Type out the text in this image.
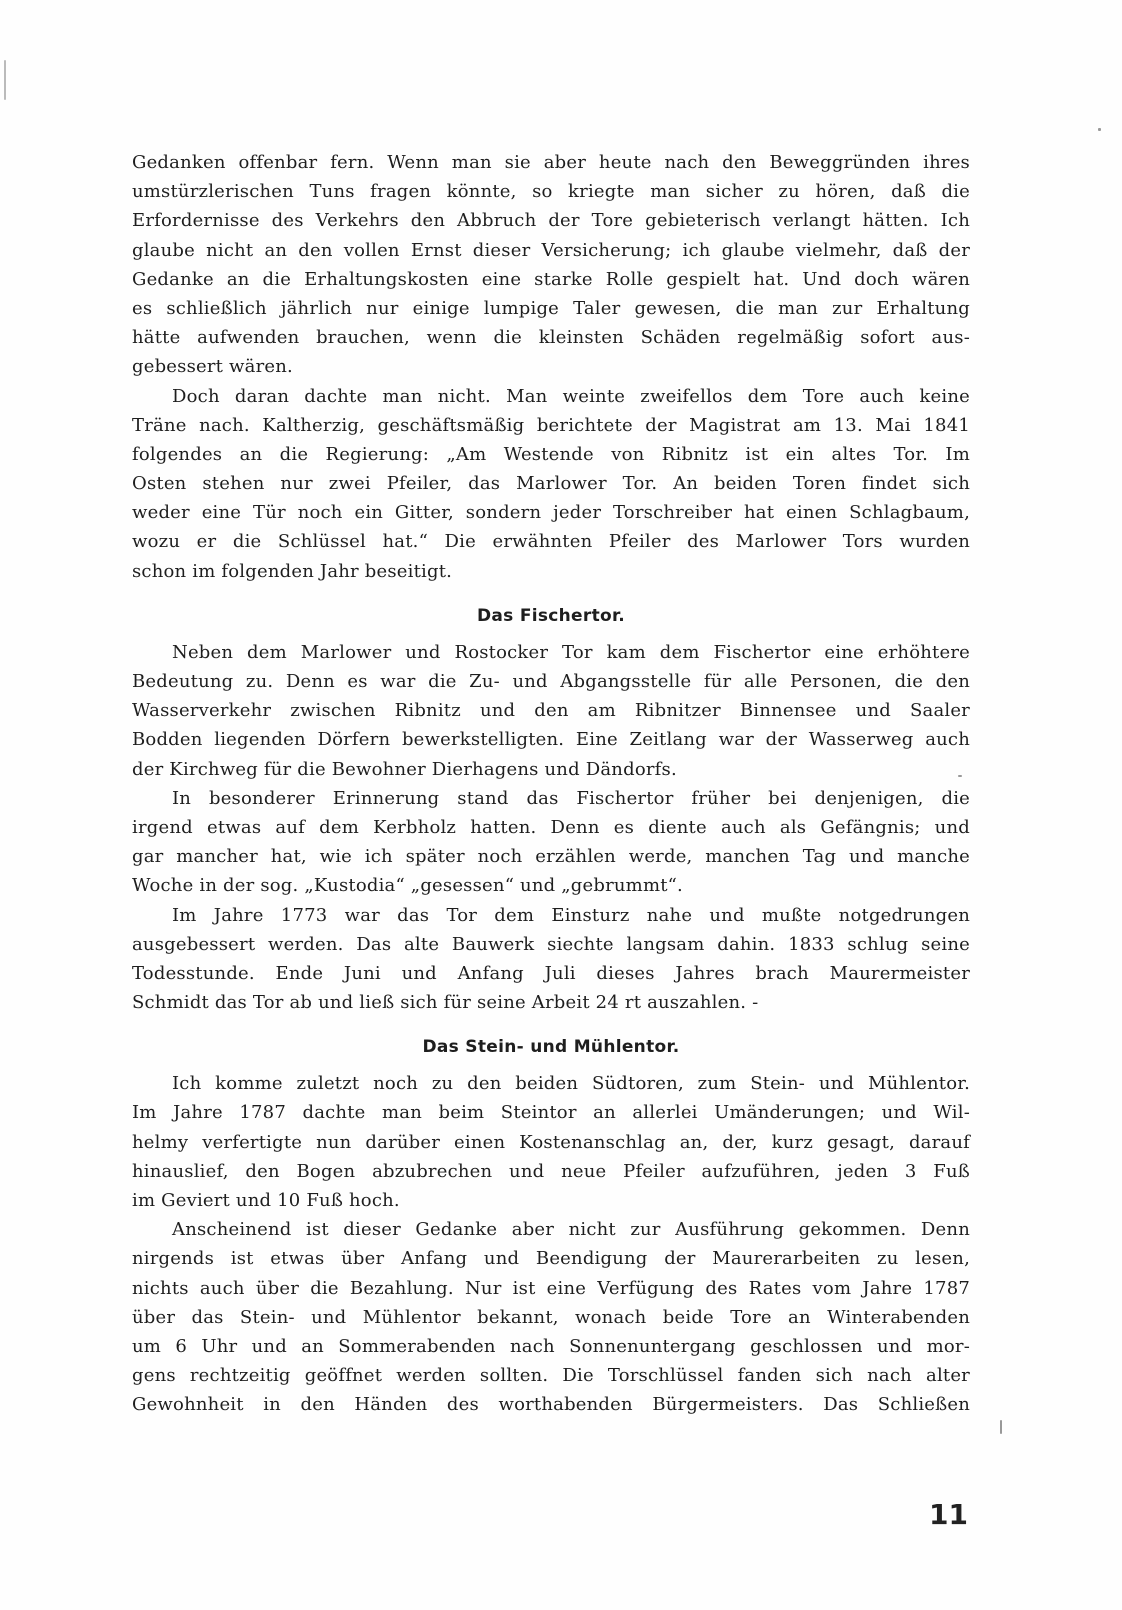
Gedanken offenbar fern. Wenn man sie aber heute nach den Beweggründen ihres
umstürzlerischen Tuns fragen könnte, so kriegte man sicher zu hören, daß die
Erfordernisse des Verkehrs den Abbruch der Tore gebieterisch verlangt hätten. Ich
glaube nicht an den vollen Ernst dieser Versicherung; ich glaube vielmehr, daß der
Gedanke an die Erhaltungskosten eine starke Rolle gespielt hat. Und doch wären
es schließlich jährlich nur einige lumpige Taler gewesen, die man zur Erhaltung
hätte aufwenden brauchen, wenn die kleinsten Schäden regelmäßig sofort aus-
gebessert wären.
Doch daran dachte man nicht. Man weinte zweifellos dem Tore auch keine
Träne nach. Kaltherzig, geschäftsmäßig berichtete der Magistrat am 13. Mai 1841
folgendes an die Regierung: „Am Westende von Ribnitz ist ein altes Tor. Im
Osten stehen nur zwei Pfeiler, das Marlower Tor. An beiden Toren findet sich
weder eine Tür noch ein Gitter, sondern jeder Torschreiber hat einen Schlagbaum,
wozu er die Schlüssel hat.“ Die erwähnten Pfeiler des Marlower Tors wurden
schon im folgenden Jahr beseitigt.
Das Fischertor.
Neben dem Marlower und Rostocker Tor kam dem Fischertor eine erhöhtere
Bedeutung zu. Denn es war die Zu- und Abgangsstelle für alle Personen, die den
Wasserverkehr zwischen Ribnitz und den am Ribnitzer Binnensee und Saaler
Bodden liegenden Dörfern bewerkstelligten. Eine Zeitlang war der Wasserweg auch
der Kirchweg für die Bewohner Dierhagens und Dändorfs.
In besonderer Erinnerung stand das Fischertor früher bei denjenigen, die
irgend etwas auf dem Kerbholz hatten. Denn es diente auch als Gefängnis; und
gar mancher hat, wie ich später noch erzählen werde, manchen Tag und manche
Woche in der sog. „Kustodia“ „gesessen“ und „gebrummt“.
Im Jahre 1773 war das Tor dem Einsturz nahe und mußte notgedrungen
ausgebessert werden. Das alte Bauwerk siechte langsam dahin. 1833 schlug seine
Todesstunde. Ende Juni und Anfang Juli dieses Jahres brach Maurermeister
Schmidt das Tor ab und ließ sich für seine Arbeit 24 rt auszahlen. -
Das Stein- und Mühlentor.
Ich komme zuletzt noch zu den beiden Südtoren, zum Stein- und Mühlentor.
Im Jahre 1787 dachte man beim Steintor an allerlei Umänderungen; und Wil-
helmy verfertigte nun darüber einen Kostenanschlag an, der, kurz gesagt, darauf
hinauslief, den Bogen abzubrechen und neue Pfeiler aufzuführen, jeden 3 Fuß
im Geviert und 10 Fuß hoch.
Anscheinend ist dieser Gedanke aber nicht zur Ausführung gekommen. Denn
nirgends ist etwas über Anfang und Beendigung der Maurerarbeiten zu lesen,
nichts auch über die Bezahlung. Nur ist eine Verfügung des Rates vom Jahre 1787
über das Stein- und Mühlentor bekannt, wonach beide Tore an Winterabenden
um 6 Uhr und an Sommerabenden nach Sonnenuntergang geschlossen und mor-
gens rechtzeitig geöffnet werden sollten. Die Torschlüssel fanden sich nach alter
Gewohnheit in den Händen des worthabenden Bürgermeisters. Das Schließen
11
